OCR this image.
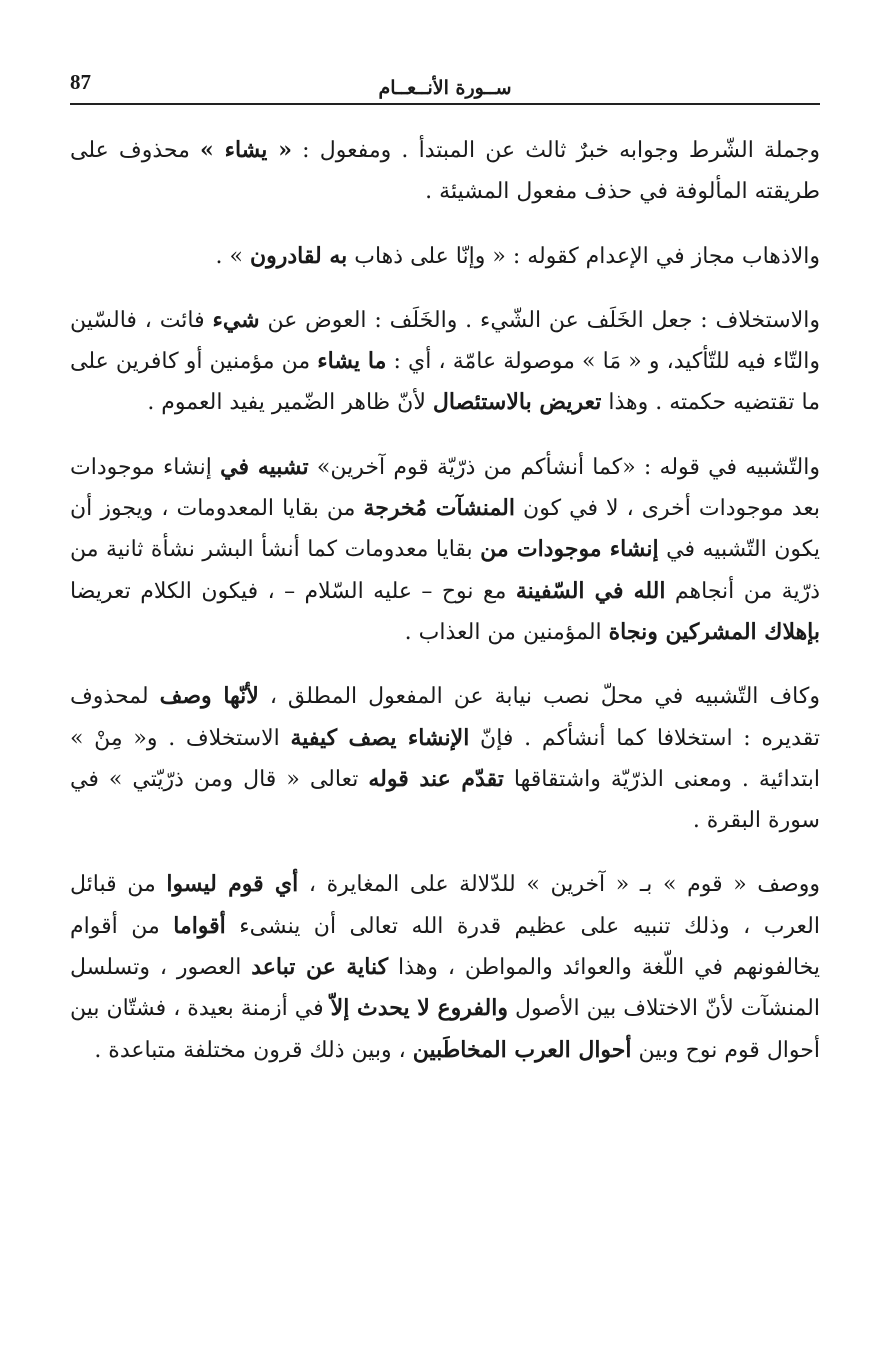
87	ســورة الأنــعــام

وجملة الشّرط وجوابه خبرٌ ثالث عن المبتدأ . ومفعول : « يشاء » محذوف على طريقته المألوفة في حذف مفعول المشيئة .

والاذهاب مجاز في الإعدام كقوله : « وإنّا على ذهاب به لقادرون » .

والاستخلاف : جعل الخَلَف عن الشّيء . والخَلَف : العوض عن شيء فائت ، فالسّين والتّاء فيه للتّأكيد، و « مَا » موصولة عامّة ، أي : ما يشاء من مؤمنين أو كافرين على ما تقتضيه حكمته . وهذا تعريض بالاستئصال لأنّ ظاهر الضّمير يفيد العموم .

والتّشبيه في قوله : «كما أنشأكم من ذرّيّة قوم آخرين» تشبيه في إنشاء موجودات بعد موجودات أخرى ، لا في كون المنشآت مُخرجة من بقايا المعدومات ، ويجوز أن يكون التّشبيه في إنشاء موجودات من بقايا معدومات كما أنشأ البشر نشأة ثانية من ذرّية من أنجاهم الله في السّفينة مع نوح – عليه السّلام – ، فيكون الكلام تعريضا بإهلاك المشركين ونجاة المؤمنين من العذاب .

وكاف التّشبيه في محلّ نصب نيابة عن المفعول المطلق ، لأنّها وصف لمحذوف تقديره : استخلافا كما أنشأكم . فإنّ الإنشاء يصف كيفية الاستخلاف . و« مِنْ » ابتدائية . ومعنى الذرّيّة واشتقاقها تقدّم عند قوله تعالى « قال ومن ذرّيّتي » في سورة البقرة .

ووصف « قوم » بـ « آخرين » للدّلالة على المغايرة ، أي قوم ليسوا من قبائل العرب ، وذلك تنبيه على عظيم قدرة الله تعالى أن ينشىء أقواما من أقوام يخالفونهم في اللّغة والعوائد والمواطن ، وهذا كناية عن تباعد العصور ، وتسلسل المنشآت لأنّ الاختلاف بين الأصول والفروع لا يحدث إلاّ في أزمنة بعيدة ، فشتّان بين أحوال قوم نوح وبين أحوال العرب المخاطَبين ، وبين ذلك قرون مختلفة متباعدة .
